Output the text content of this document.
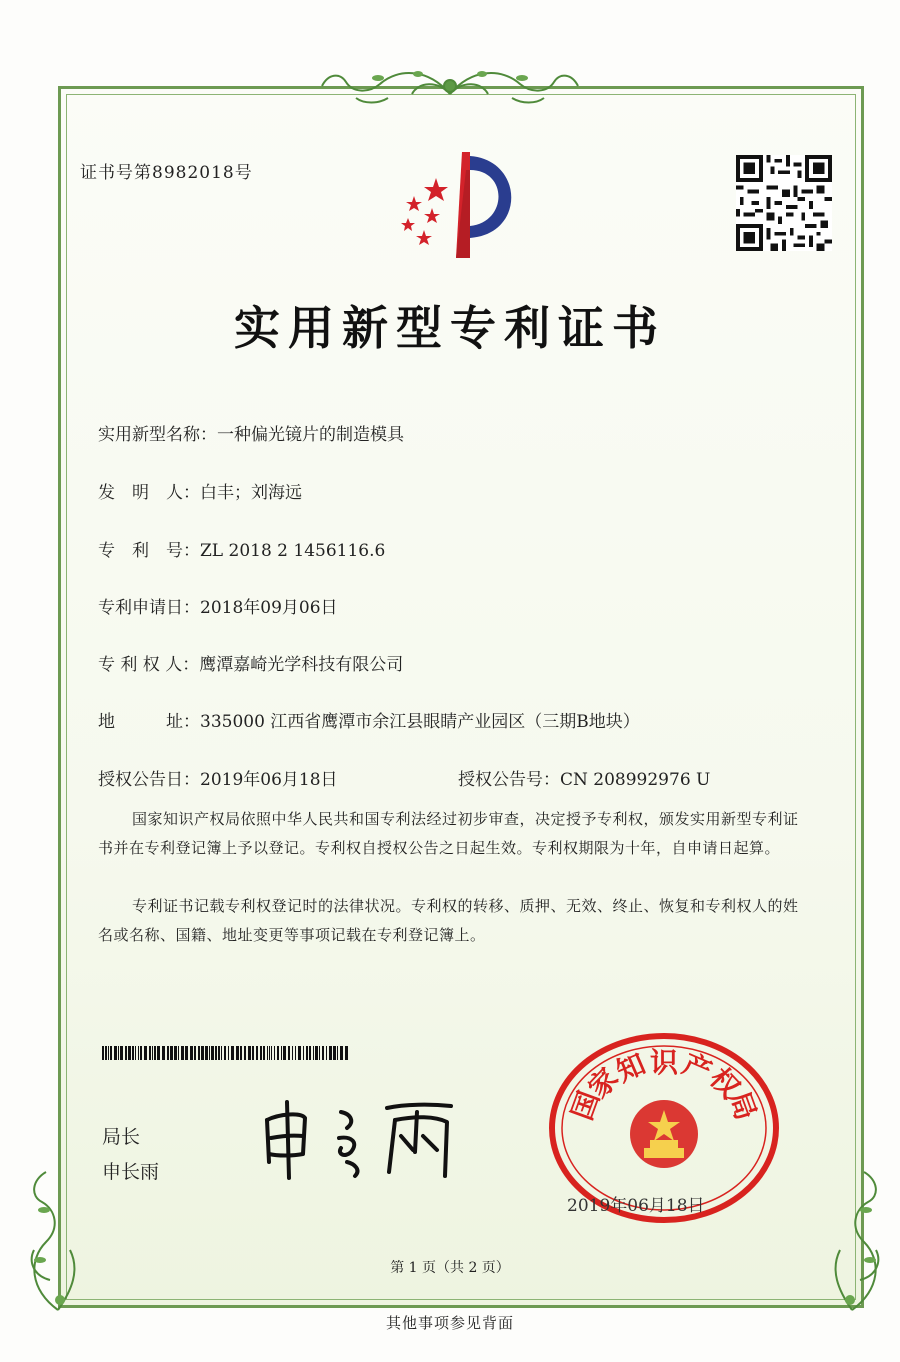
证书号第8982018号
实用新型专利证书
实用新型名称：一种偏光镜片的制造模具
发　明　人：白丰；刘海远
专　利　号：ZL 2018 2 1456116.6
专利申请日：2018年09月06日
专 利 权 人：鹰潭嘉崎光学科技有限公司
地　　　址：335000 江西省鹰潭市余江县眼睛产业园区（三期B地块）
授权公告日：2019年06月18日	授权公告号：CN 208992976 U
国家知识产权局依照中华人民共和国专利法经过初步审查，决定授予专利权，颁发实用新型专利证书并在专利登记簿上予以登记。专利权自授权公告之日起生效。专利权期限为十年，自申请日起算。
专利证书记载专利权登记时的法律状况。专利权的转移、质押、无效、终止、恢复和专利权人的姓名或名称、国籍、地址变更等事项记载在专利登记簿上。
局长
申长雨
国
家
知 识 产
权
局
2019年06月18日
第 1 页（共 2 页）
其他事项参见背面
